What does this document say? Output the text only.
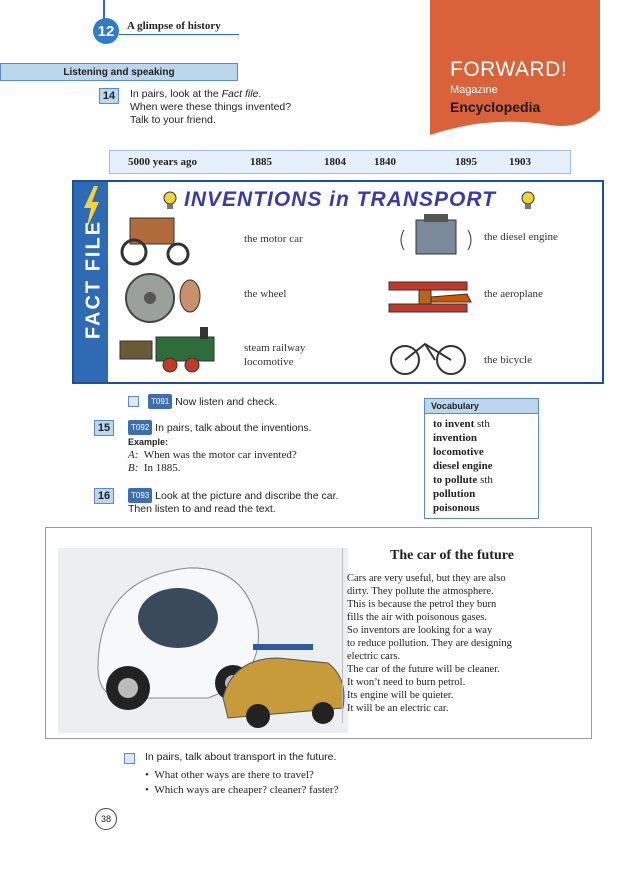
12	A glimpse of history
FORWARD!
Magazine
Encyclopedia
Listening and speaking
14	In pairs, look at the Fact file.
When were these things invented?
Talk to your friend.
5000 years ago	1885	1804	1840	1895	1903
FACT FILE
INVENTIONS in TRANSPORT
the motor car	the diesel engine
the wheel	the aeroplane
steam railway
locomotive	the bicycle
T091 Now listen and check.
15	T092 In pairs, talk about the inventions.
Example:
A: When was the motor car invented?
B: In 1885.
16	T093 Look at the picture and discribe the car.
Then listen to and read the text.
Vocabulary
to invent sth
invention
locomotive
diesel engine
to pollute sth
pollution
poisonous
The car of the future
Cars are very useful, but they are also
dirty. They pollute the atmosphere.
This is because the petrol they burn
fills the air with poisonous gases.
So inventors are looking for a way
to reduce pollution. They are designing
electric cars.
The car of the future will be cleaner.
It won’t need to burn petrol.
Its engine will be quieter.
It will be an electric car.
In pairs, talk about transport in the future.
•  What other ways are there to travel?
•  Which ways are cheaper? cleaner? faster?
38
